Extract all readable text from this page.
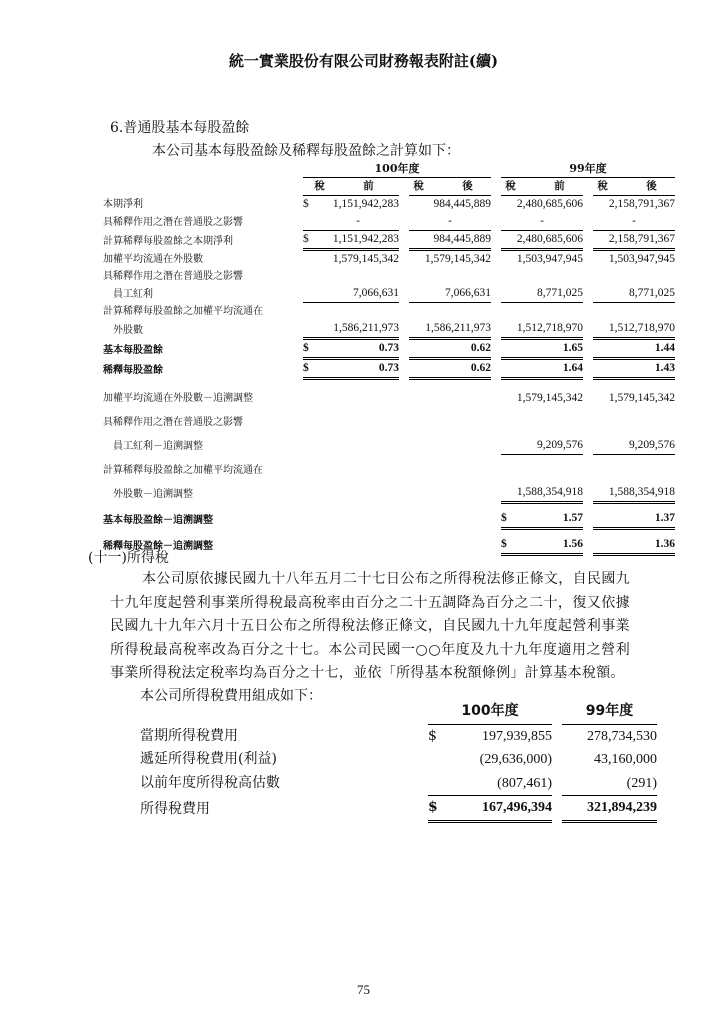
統一實業股份有限公司財務報表附註(續)
6.普通股基本每股盈餘
本公司基本每股盈餘及稀釋每股盈餘之計算如下：
	100年度					99年度		
	稅　前			稅　後		稅　前		稅　後
本期淨利	$	1,151,942,283		984,445,889		2,480,685,606		2,158,791,367
具稀釋作用之潛在普通股之影響		-		-		-		-
計算稀釋每股盈餘之本期淨利	$	1,151,942,283		984,445,889		2,480,685,606		2,158,791,367
加權平均流通在外股數		1,579,145,342		1,579,145,342		1,503,947,945		1,503,947,945
具稀釋作用之潛在普通股之影響								
員工紅利		7,066,631		7,066,631		8,771,025		8,771,025
計算稀釋每股盈餘之加權平均流通在								
外股數		1,586,211,973		1,586,211,973		1,512,718,970		1,512,718,970
基本每股盈餘	$	0.73		0.62		1.65		1.44
稀釋每股盈餘	$	0.73		0.62		1.64		1.43
加權平均流通在外股數－追溯調整						1,579,145,342		1,579,145,342
具稀釋作用之潛在普通股之影響								
員工紅利－追溯調整						9,209,576		9,209,576
計算稀釋每股盈餘之加權平均流通在								
外股數－追溯調整						1,588,354,918		1,588,354,918
基本每股盈餘－追溯調整						$ 1.57		1.37
稀釋每股盈餘－追溯調整						$ 1.56		1.36
(十一)所得稅
本公司原依據民國九十八年五月二十七日公布之所得稅法修正條文，自民國九十九年度起營利事業所得稅最高稅率由百分之二十五調降為百分之二十，復又依據民國九十九年六月十五日公布之所得稅法修正條文，自民國九十九年度起營利事業所得稅最高稅率改為百分之十七。本公司民國一○○年度及九十九年度適用之營利事業所得稅法定稅率均為百分之十七，並依「所得基本稅額條例」計算基本稅額。
本公司所得稅費用組成如下：
	100年度			99年度
當期所得稅費用	$	197,939,855		278,734,530
遞延所得稅費用(利益)		(29,636,000)		43,160,000
以前年度所得稅高估數		(807,461)		(291)
所得稅費用	$	167,496,394		321,894,239
75
